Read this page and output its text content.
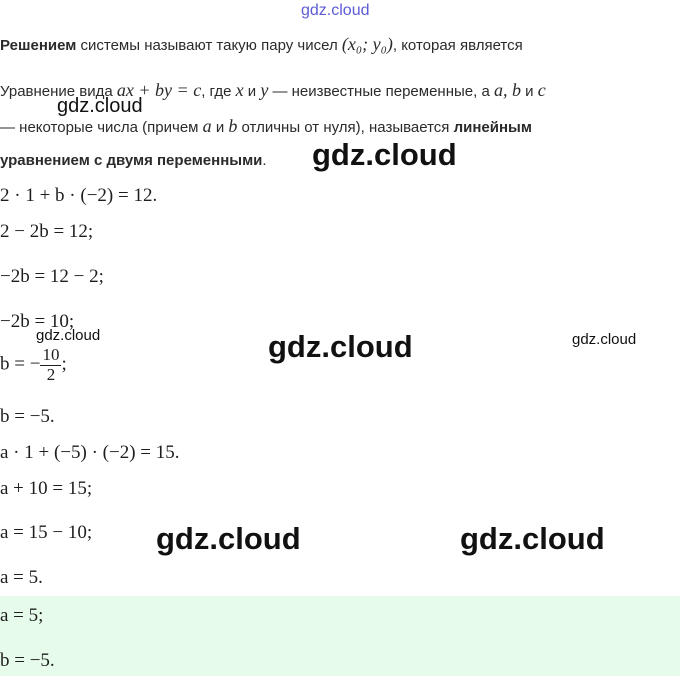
gdz.cloud
Решением системы называют такую пару чисел (x₀; y₀), которая является
Уравнение вида ax + by = c, где x и y — неизвестные переменные, а a, b и c
gdz.cloud
— некоторые числа (причем a и b отличны от нуля), называется линейным
уравнением с двумя переменными. gdz.cloud
2 · 1 + b · (−2) = 12.
2 − 2b = 12;
−2b = 12 − 2;
−2b = 10;
gdz.cloud	gdz.cloud	gdz.cloud
b = − $\frac{10}{2}$ ;
b = −5.
a · 1 + (−5) · (−2) = 15.
a + 10 = 15;
a = 15 − 10; gdz.cloud	gdz.cloud
a = 5.
a = 5;
b = −5.
